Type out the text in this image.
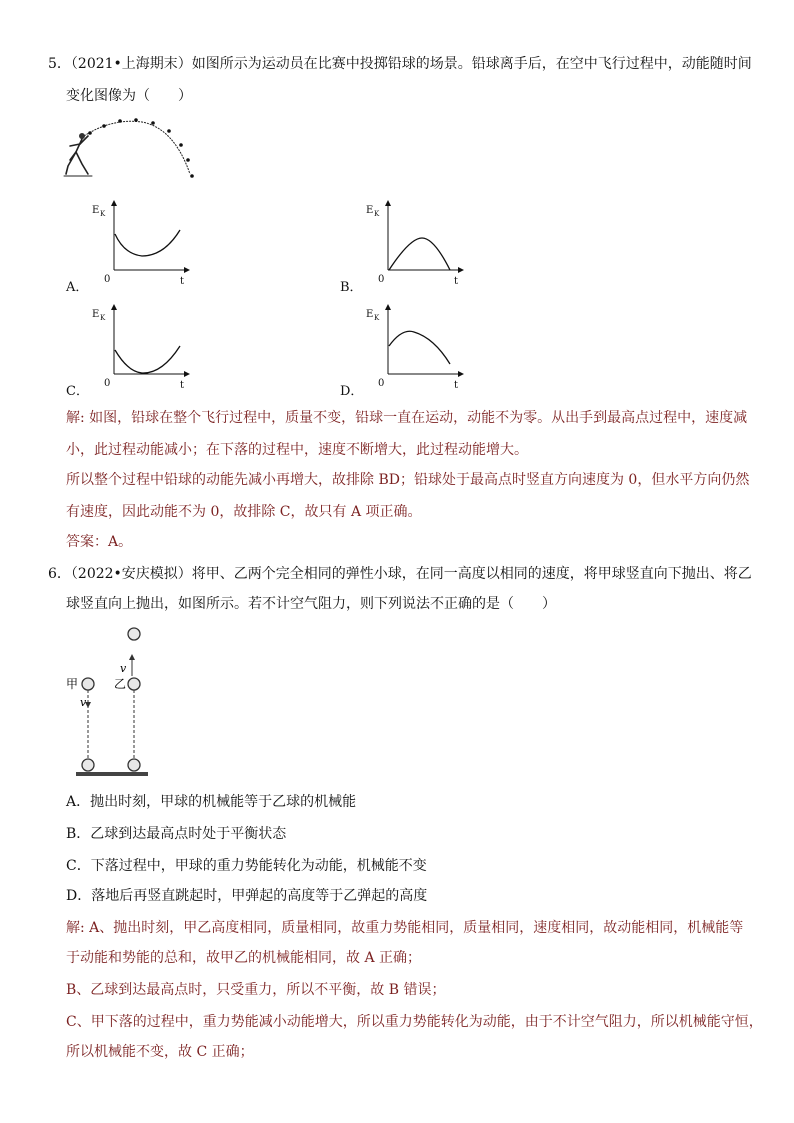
5．（2021•上海期末）如图所示为运动员在比赛中投掷铅球的场景。铅球离手后，在空中飞行过程中，动能随时间
变化图像为（　　）
E K
0	t
A．
E K
0	t
B．
E K
0	t
C．
E K
0	t
D．
解: 如图，铅球在整个飞行过程中，质量不变，铅球一直在运动，动能不为零。从出手到最高点过程中，速度减
小，此过程动能减小；在下落的过程中，速度不断增大，此过程动能增大。
所以整个过程中铅球的动能先减小再增大，故排除 BD；铅球处于最高点时竖直方向速度为 0，但水平方向仍然
有速度，因此动能不为 0，故排除 C，故只有 A 项正确。
答案：A。
6．（2022•安庆模拟）将甲、乙两个完全相同的弹性小球，在同一高度以相同的速度，将甲球竖直向下抛出、将乙
球竖直向上抛出，如图所示。若不计空气阻力，则下列说法不正确的是（　　）
甲
v
乙
v
A．抛出时刻，甲球的机械能等于乙球的机械能
B．乙球到达最高点时处于平衡状态
C．下落过程中，甲球的重力势能转化为动能，机械能不变
D．落地后再竖直跳起时，甲弹起的高度等于乙弹起的高度
解: A、抛出时刻，甲乙高度相同，质量相同，故重力势能相同，质量相同，速度相同，故动能相同，机械能等
于动能和势能的总和，故甲乙的机械能相同，故 A 正确；
B、乙球到达最高点时，只受重力，所以不平衡，故 B 错误；
C、甲下落的过程中，重力势能减小动能增大，所以重力势能转化为动能，由于不计空气阻力，所以机械能守恒，
所以机械能不变，故 C 正确；
